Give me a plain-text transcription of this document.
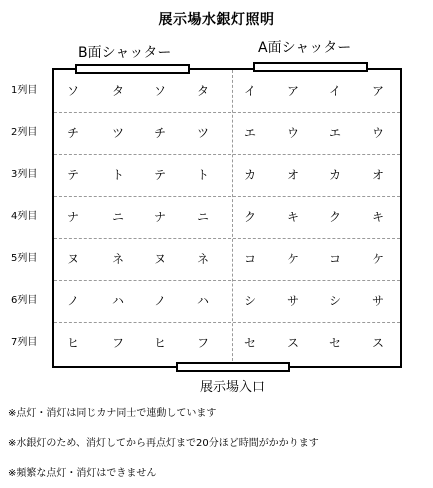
展示場水銀灯照明
B面シャッター	A面シャッター
1列目	ソ	タ	ソ	タ	イ	ア	イ	ア
2列目	チ	ツ	チ	ツ	エ	ウ	エ	ウ
3列目	テ	ト	テ	ト	カ	オ	カ	オ
4列目	ナ	ニ	ナ	ニ	ク	キ	ク	キ
5列目	ヌ	ネ	ヌ	ネ	コ	ケ	コ	ケ
6列目	ノ	ハ	ノ	ハ	シ	サ	シ	サ
7列目	ヒ	フ	ヒ	フ	セ	ス	セ	ス
展示場入口
※点灯・消灯は同じカナ同士で連動しています
※水銀灯のため、消灯してから再点灯まで20分ほど時間がかかります
※頻繁な点灯・消灯はできません
